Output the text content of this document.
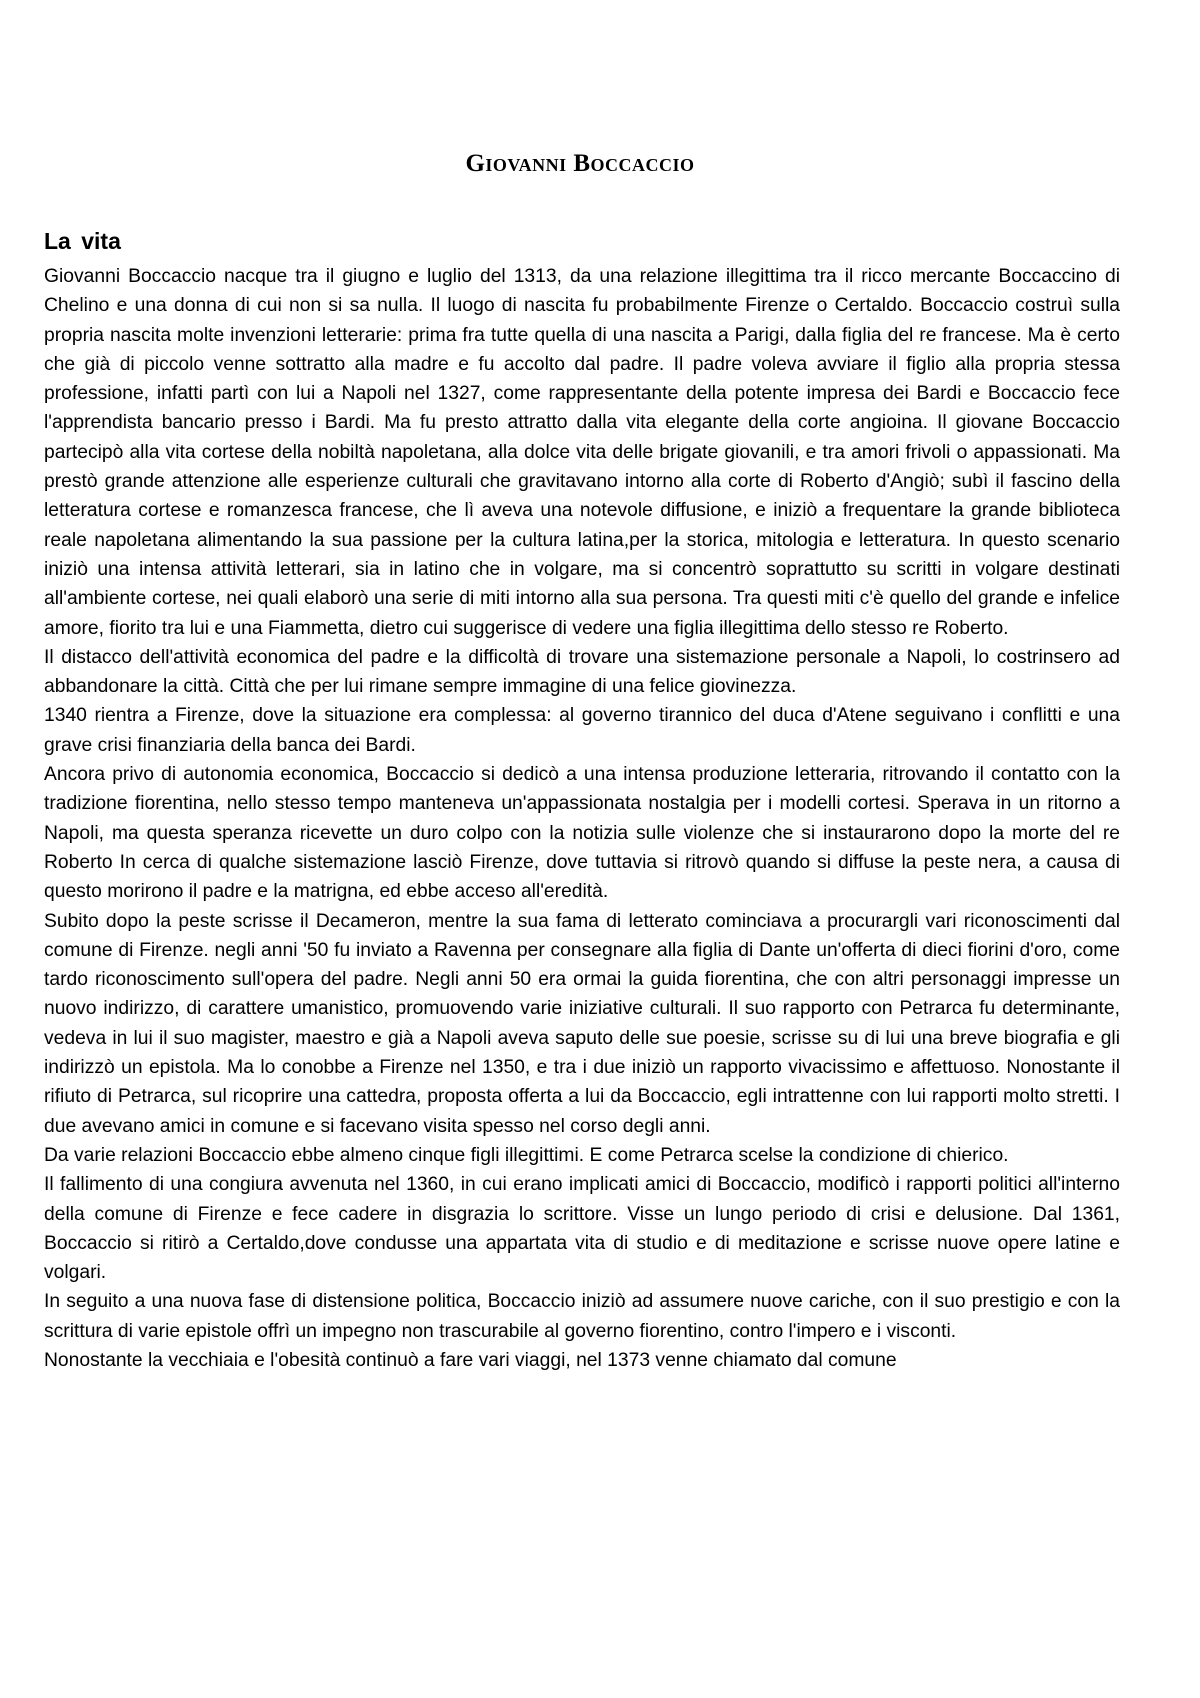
Giovanni Boccaccio
La vita

Giovanni Boccaccio nacque tra il giugno e luglio del 1313, da una relazione illegittima tra il ricco mercante Boccaccino di Chelino e una donna di cui non si sa nulla. Il luogo di nascita fu probabilmente Firenze o Certaldo. Boccaccio costruì sulla propria nascita molte invenzioni letterarie: prima fra tutte quella di una nascita a Parigi, dalla figlia del re francese. Ma è certo che già di piccolo venne sottratto alla madre e fu accolto dal padre. Il padre voleva avviare il figlio alla propria stessa professione, infatti partì con lui a Napoli nel 1327, come rappresentante della potente impresa dei Bardi e Boccaccio fece l'apprendista bancario presso i Bardi. Ma fu presto attratto dalla vita elegante della corte angioina. Il giovane Boccaccio partecipò alla vita cortese della nobiltà napoletana, alla dolce vita delle brigate giovanili, e tra amori frivoli o appassionati. Ma prestò grande attenzione alle esperienze culturali che gravitavano intorno alla corte di Roberto d'Angiò; subì il fascino della letteratura cortese e romanzesca francese, che lì aveva una notevole diffusione, e iniziò a frequentare la grande biblioteca reale napoletana alimentando la sua passione per la cultura latina,per la storica, mitologia e letteratura. In questo scenario iniziò una intensa attività letterari, sia in latino che in volgare, ma si concentrò soprattutto su scritti in volgare destinati all'ambiente cortese, nei quali elaborò una serie di miti intorno alla sua persona. Tra questi miti c'è quello del grande e infelice amore, fiorito tra lui e una Fiammetta, dietro cui suggerisce di vedere una figlia illegittima dello stesso re Roberto.

Il distacco dell'attività economica del padre e la difficoltà di trovare una sistemazione personale a Napoli, lo costrinsero ad abbandonare la città. Città che per lui rimane sempre immagine di una felice giovinezza.

1340 rientra a Firenze, dove la situazione era complessa: al governo tirannico del duca d'Atene seguivano i conflitti e una grave crisi finanziaria della banca dei Bardi.

Ancora privo di autonomia economica, Boccaccio si dedicò a una intensa produzione letteraria, ritrovando il contatto con la tradizione fiorentina, nello stesso tempo manteneva un'appassionata nostalgia per i modelli cortesi. Sperava in un ritorno a Napoli, ma questa speranza ricevette un duro colpo con la notizia sulle violenze che si instaurarono dopo la morte del re Roberto In cerca di qualche sistemazione lasciò Firenze, dove tuttavia si ritrovò quando si diffuse la peste nera, a causa di questo morirono il padre e la matrigna, ed ebbe acceso all'eredità.

Subito dopo la peste scrisse il Decameron, mentre la sua fama di letterato cominciava a procurargli vari riconoscimenti dal comune di Firenze. negli anni '50 fu inviato a Ravenna per consegnare alla figlia di Dante un'offerta di dieci fiorini d'oro, come tardo riconoscimento sull'opera del padre. Negli anni 50 era ormai la guida fiorentina, che con altri personaggi impresse un nuovo indirizzo, di carattere umanistico, promuovendo varie iniziative culturali. Il suo rapporto con Petrarca fu determinante, vedeva in lui il suo magister, maestro e già a Napoli aveva saputo delle sue poesie, scrisse su di lui una breve biografia e gli indirizzò un epistola. Ma lo conobbe a Firenze nel 1350, e tra i due iniziò un rapporto vivacissimo e affettuoso. Nonostante il rifiuto di Petrarca, sul ricoprire una cattedra, proposta offerta a lui da Boccaccio, egli intrattenne con lui rapporti molto stretti. I due avevano amici in comune e si facevano visita spesso nel corso degli anni.

Da varie relazioni Boccaccio ebbe almeno cinque figli illegittimi. E come Petrarca scelse la condizione di chierico.

Il fallimento di una congiura avvenuta nel 1360, in cui erano implicati amici di Boccaccio, modificò i rapporti politici all'interno della comune di Firenze e fece cadere in disgrazia lo scrittore. Visse un lungo periodo di crisi e delusione. Dal 1361, Boccaccio si ritirò a Certaldo,dove condusse una appartata vita di studio e di meditazione e scrisse nuove opere latine e volgari.

In seguito a una nuova fase di distensione politica, Boccaccio iniziò ad assumere nuove cariche, con il suo prestigio e con la scrittura di varie epistole offrì un impegno non trascurabile al governo fiorentino, contro l'impero e i visconti.

Nonostante la vecchiaia e l'obesità continuò a fare vari viaggi, nel 1373 venne chiamato dal comune
